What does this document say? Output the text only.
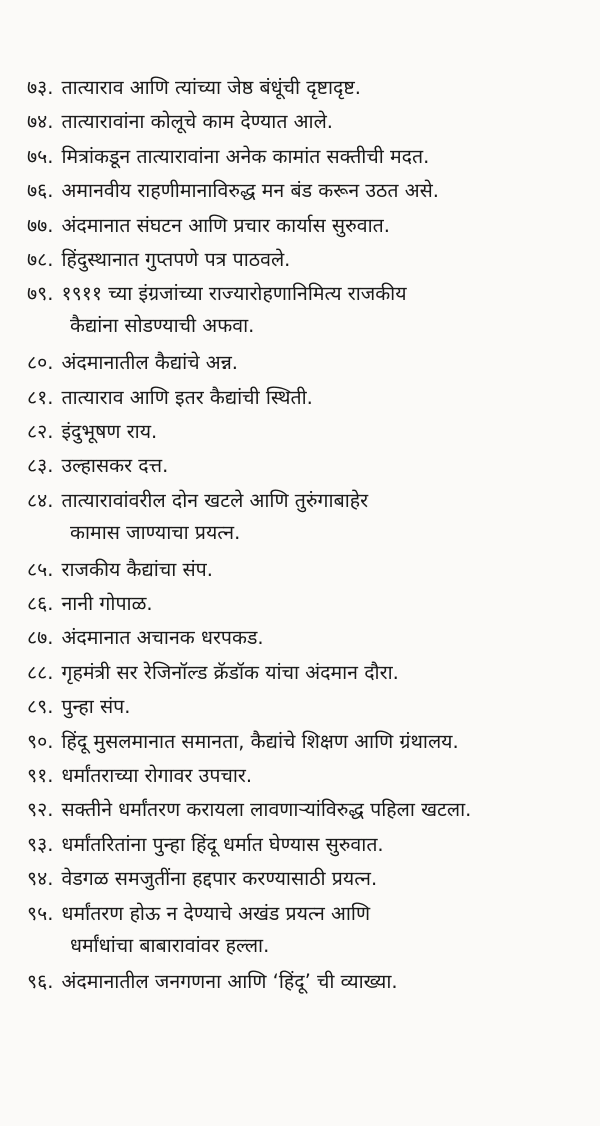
७३. तात्याराव आणि त्यांच्या जेष्ठ बंधूंची दृष्टादृष्ट.
७४. तात्यारावांना कोलूचे काम देण्यात आले.
७५. मित्रांकडून तात्यारावांना अनेक कामांत सक्तीची मदत.
७६. अमानवीय राहणीमानाविरुद्ध मन बंड करून उठत असे.
७७. अंदमानात संघटन आणि प्रचार कार्यास सुरुवात.
७८. हिंदुस्थानात गुप्तपणे पत्र पाठवले.
७९. १९११ च्या इंग्रजांच्या राज्यारोहणानिमित्य राजकीय
कैद्यांना सोडण्याची अफवा.
८०. अंदमानातील कैद्यांचे अन्न.
८१. तात्याराव आणि इतर कैद्यांची स्थिती.
८२. इंदुभूषण राय.
८३. उल्हासकर दत्त.
८४. तात्यारावांवरील दोन खटले आणि तुरुंगाबाहेर
कामास जाण्याचा प्रयत्न.
८५. राजकीय कैद्यांचा संप.
८६. नानी गोपाळ.
८७. अंदमानात अचानक धरपकड.
८८. गृहमंत्री सर रेजिनॉल्ड क्रॅडॉक यांचा अंदमान दौरा.
८९. पुन्हा संप.
९०. हिंदू मुसलमानात समानता, कैद्यांचे शिक्षण आणि ग्रंथालय.
९१. धर्मांतराच्या रोगावर उपचार.
९२. सक्तीने धर्मांतरण करायला लावणाऱ्यांविरुद्ध पहिला खटला.
९३. धर्मांतरितांना पुन्हा हिंदू धर्मात घेण्यास सुरुवात.
९४. वेडगळ समजुतींना हद्दपार करण्यासाठी प्रयत्न.
९५. धर्मांतरण होऊ न देण्याचे अखंड प्रयत्न आणि
धर्मांधांचा बाबारावांवर हल्ला.
९६. अंदमानातील जनगणना आणि ‘हिंदू’ ची व्याख्या.
